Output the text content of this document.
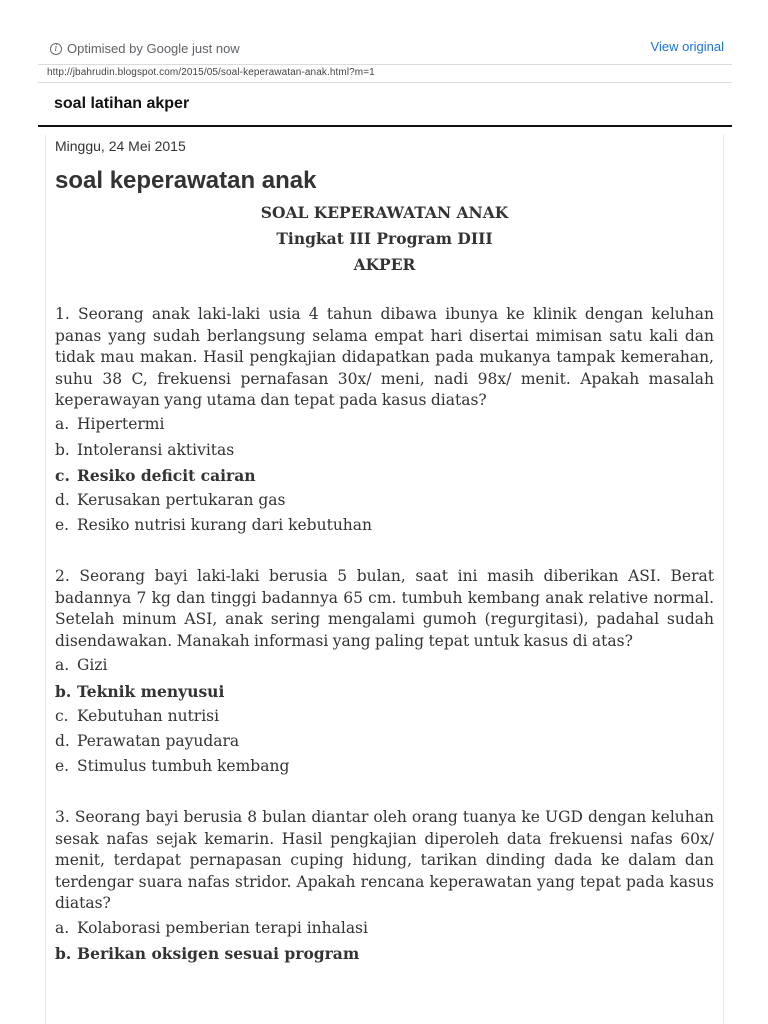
i Optimised by Google just now	View original
http://jbahrudin.blogspot.com/2015/05/soal-keperawatan-anak.html?m=1
soal latihan akper
Minggu, 24 Mei 2015
soal keperawatan anak
SOAL KEPERAWATAN ANAK
Tingkat III Program DIII
AKPER
1. Seorang anak laki-laki usia 4 tahun dibawa ibunya ke klinik dengan keluhan panas yang sudah berlangsung selama empat hari disertai mimisan satu kali dan tidak mau makan. Hasil pengkajian didapatkan pada mukanya tampak kemerahan, suhu 38 C, frekuensi pernafasan 30x/ meni, nadi 98x/ menit. Apakah masalah keperawayan yang utama dan tepat pada kasus diatas?
a. Hipertermi
b. Intoleransi aktivitas
c. Resiko deficit cairan
d. Kerusakan pertukaran gas
e. Resiko nutrisi kurang dari kebutuhan
2. Seorang bayi laki-laki berusia 5 bulan, saat ini masih diberikan ASI. Berat badannya 7 kg dan tinggi badannya 65 cm. tumbuh kembang anak relative normal. Setelah minum ASI, anak sering mengalami gumoh (regurgitasi), padahal sudah disendawakan. Manakah informasi yang paling tepat untuk kasus di atas?
a. Gizi
b. Teknik menyusui
c. Kebutuhan nutrisi
d. Perawatan payudara
e. Stimulus tumbuh kembang
3. Seorang bayi berusia 8 bulan diantar oleh orang tuanya ke UGD dengan keluhan sesak nafas sejak kemarin. Hasil pengkajian diperoleh data frekuensi nafas 60x/ menit, terdapat pernapasan cuping hidung, tarikan dinding dada ke dalam dan terdengar suara nafas stridor. Apakah rencana keperawatan yang tepat pada kasus diatas?
a. Kolaborasi pemberian terapi inhalasi
b. Berikan oksigen sesuai program
